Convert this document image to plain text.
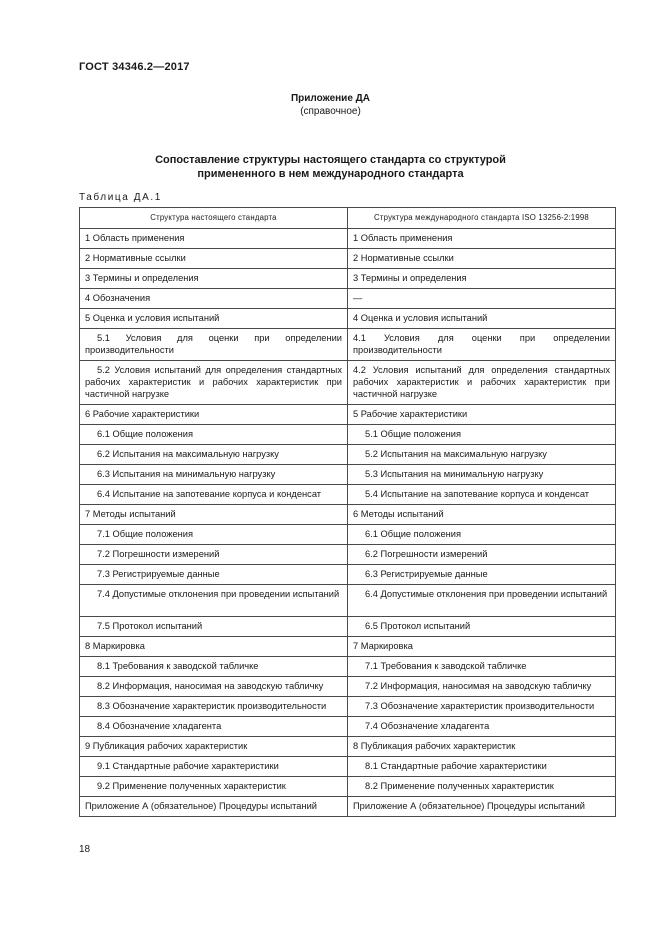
ГОСТ 34346.2—2017
Приложение ДА
(справочное)
Сопоставление структуры настоящего стандарта со структурой
примененного в нем международного стандарта
Таблица ДА.1
Структура настоящего стандарта	Структура международного стандарта ISO 13256-2:1998
1 Область применения	1 Область применения
2 Нормативные ссылки	2 Нормативные ссылки
3 Термины и определения	3 Термины и определения
4 Обозначения	—
5 Оценка и условия испытаний	4 Оценка и условия испытаний
5.1 Условия для оценки при определении производительности	4.1 Условия для оценки при определении производительности
5.2 Условия испытаний для определения стандартных рабочих характеристик и рабочих характеристик при частичной нагрузке	4.2 Условия испытаний для определения стандартных рабочих характеристик и рабочих характеристик при частичной нагрузке
6 Рабочие характеристики	5 Рабочие характеристики
6.1 Общие положения	5.1 Общие положения
6.2 Испытания на максимальную нагрузку	5.2 Испытания на максимальную нагрузку
6.3 Испытания на минимальную нагрузку	5.3 Испытания на минимальную нагрузку
6.4 Испытание на запотевание корпуса и конденсат	5.4 Испытание на запотевание корпуса и конденсат
7 Методы испытаний	6 Методы испытаний
7.1 Общие положения	6.1 Общие положения
7.2 Погрешности измерений	6.2 Погрешности измерений
7.3 Регистрируемые данные	6.3 Регистрируемые данные
7.4 Допустимые отклонения при проведении испытаний	6.4 Допустимые отклонения при проведении испытаний
7.5 Протокол испытаний	6.5 Протокол испытаний
8 Маркировка	7 Маркировка
8.1 Требования к заводской табличке	7.1 Требования к заводской табличке
8.2 Информация, наносимая на заводскую табличку	7.2 Информация, наносимая на заводскую табличку
8.3 Обозначение характеристик производительности	7.3 Обозначение характеристик производительности
8.4 Обозначение хладагента	7.4 Обозначение хладагента
9 Публикация рабочих характеристик	8 Публикация рабочих характеристик
9.1 Стандартные рабочие характеристики	8.1 Стандартные рабочие характеристики
9.2 Применение полученных характеристик	8.2 Применение полученных характеристик
Приложение А (обязательное) Процедуры испытаний	Приложение А (обязательное) Процедуры испытаний
18
